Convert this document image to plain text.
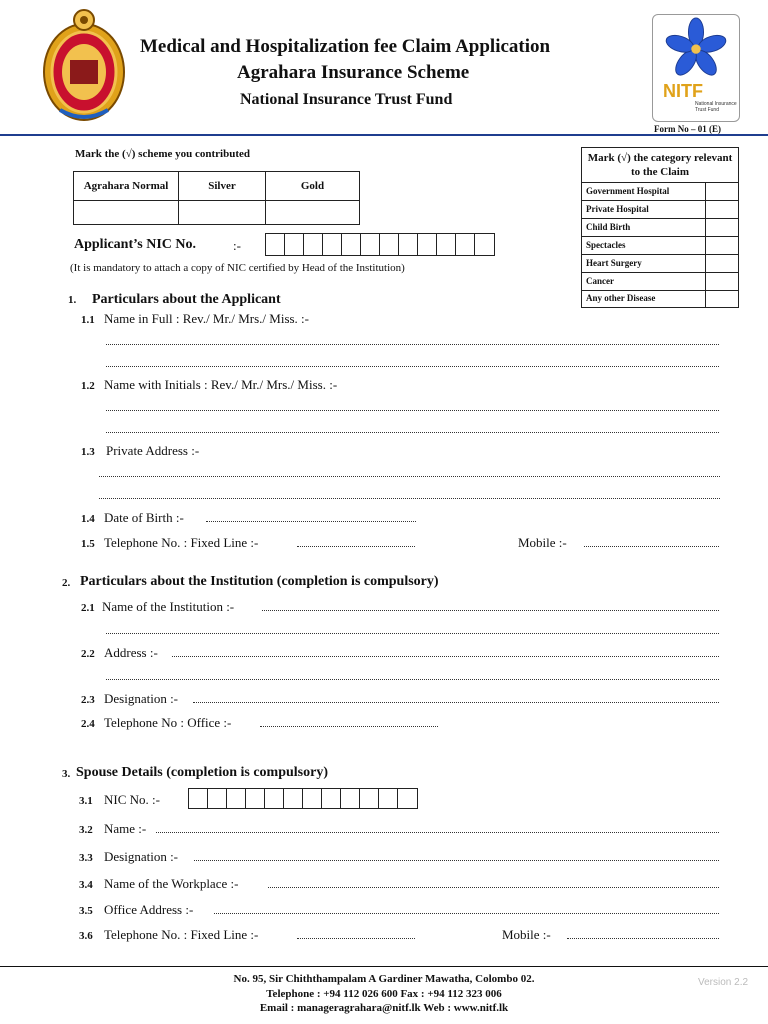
Medical and Hospitalization fee Claim Application
Agrahara Insurance Scheme
National Insurance Trust Fund	NITF
National Insurance Trust Fund
Form No – 01 (E)
Mark the (√) scheme you contributed
Agrahara Normal	Silver	Gold

Applicant’s NIC No.	:-
(It is mandatory to attach a copy of NIC certified by Head of the Institution)
Mark (√) the category relevant to the Claim
Government Hospital
Private Hospital
Child Birth
Spectacles
Heart Surgery
Cancer
Any other Disease
1. Particulars about the Applicant
1.1 Name in Full : Rev./ Mr./ Mrs./ Miss. :-
1.2 Name with Initials : Rev./ Mr./ Mrs./ Miss. :-
1.3 Private Address :-
1.4 Date of Birth :-
1.5 Telephone No. : Fixed Line :-	Mobile :-
2. Particulars about the Institution (completion is compulsory)
2.1 Name of the Institution :-
2.2 Address :-
2.3 Designation :-
2.4 Telephone No : Office :-
3. Spouse Details (completion is compulsory)
3.1 NIC No. :-
3.2 Name :-
3.3 Designation :-
3.4 Name of the Workplace :-
3.5 Office Address :-
3.6 Telephone No. : Fixed Line :-	Mobile :-
No. 95, Sir Chiththampalam A Gardiner Mawatha, Colombo 02.
Telephone : +94 112 026 600 Fax : +94 112 323 006
Email : manageragrahara@nitf.lk Web : www.nitf.lk
Version 2.2
